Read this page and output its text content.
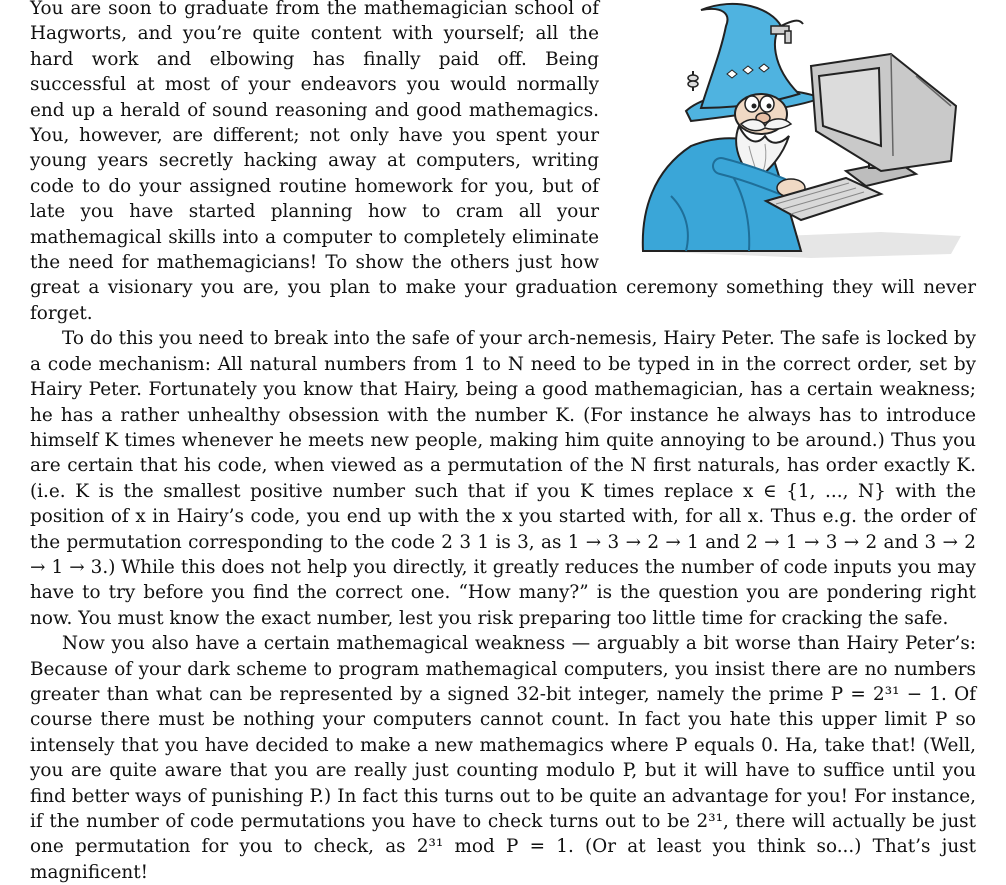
You are soon to graduate from the mathemagician school of Hagworts, and you’re quite content with yourself; all the hard work and elbowing has finally paid off. Being successful at most of your endeavors you would normally end up a herald of sound reasoning and good mathemagics. You, however, are different; not only have you spent your young years secretly hacking away at computers, writing code to do your assigned routine homework for you, but of late you have started planning how to cram all your mathemagical skills into a computer to completely eliminate the need for mathemagicians! To show the others just how great a visionary you are, you plan to make your graduation ceremony something they will never forget.

To do this you need to break into the safe of your arch-nemesis, Hairy Peter. The safe is locked by a code mechanism: All natural numbers from 1 to N need to be typed in in the correct order, set by Hairy Peter. Fortunately you know that Hairy, being a good mathemagician, has a certain weakness; he has a rather unhealthy obsession with the number K. (For instance he always has to introduce himself K times whenever he meets new people, making him quite annoying to be around.) Thus you are certain that his code, when viewed as a permutation of the N first naturals, has order exactly K. (i.e. K is the smallest positive number such that if you K times replace x ∈ {1, ..., N} with the position of x in Hairy’s code, you end up with the x you started with, for all x. Thus e.g. the order of the permutation corresponding to the code 2 3 1 is 3, as 1 → 3 → 2 → 1 and 2 → 1 → 3 → 2 and 3 → 2 → 1 → 3.) While this does not help you directly, it greatly reduces the number of code inputs you may have to try before you find the correct one. “How many?” is the question you are pondering right now. You must know the exact number, lest you risk preparing too little time for cracking the safe.

Now you also have a certain mathemagical weakness — arguably a bit worse than Hairy Peter’s: Because of your dark scheme to program mathemagical computers, you insist there are no numbers greater than what can be represented by a signed 32-bit integer, namely the prime P = 2³¹ − 1. Of course there must be nothing your computers cannot count. In fact you hate this upper limit P so intensely that you have decided to make a new mathemagics where P equals 0. Ha, take that! (Well, you are quite aware that you are really just counting modulo P, but it will have to suffice until you find better ways of punishing P.) In fact this turns out to be quite an advantage for you! For instance, if the number of code permutations you have to check turns out to be 2³¹, there will actually be just one permutation for you to check, as 2³¹ mod P = 1. (Or at least you think so...) That’s just magnificent!
